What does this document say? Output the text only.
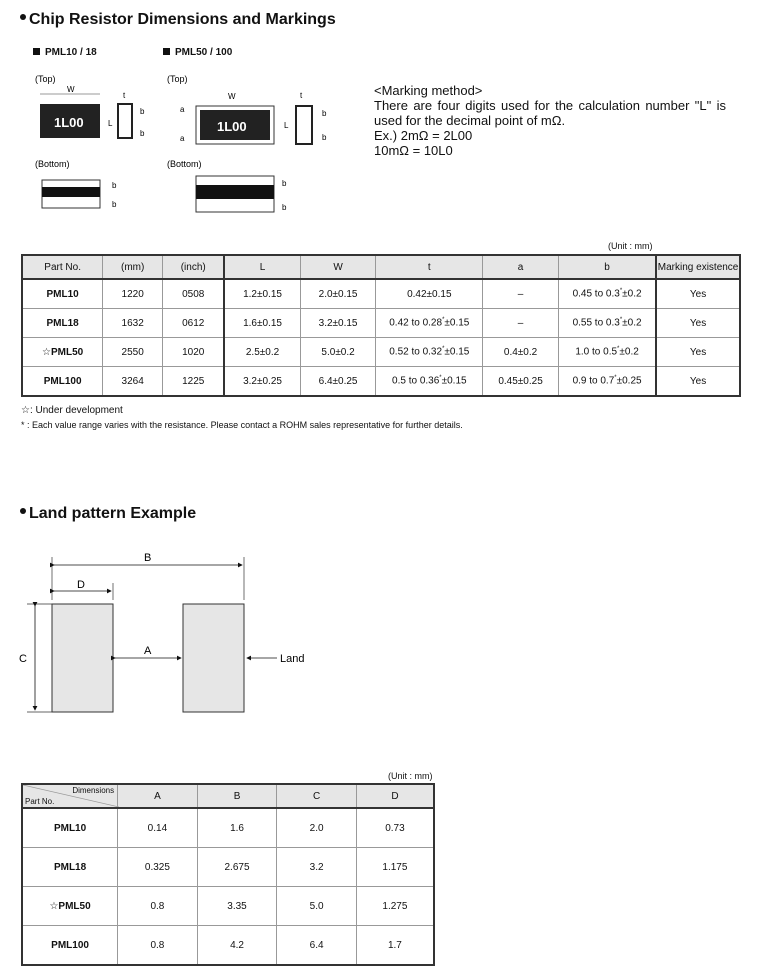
Chip Resistor Dimensions and Markings
PML10 / 18	PML50 / 100
(Top)
W
1L00	L
t
b
b
(Bottom)
b
b
(Top)
W
a
a
1L00	L
t
b
b
(Bottom)
b
b
<Marking method>
There are four digits used for the calculation number "L" is used for the decimal point of mΩ.
Ex.) 2mΩ = 2L00
10mΩ = 10L0
(Unit : mm)
Part No.	(mm)	(inch)	L	W	t	a	b	Marking existence
PML10	1220	0508	1.2±0.15	2.0±0.15	0.42±0.15	–	0.45 to 0.3*±0.2	Yes
PML18	1632	0612	1.6±0.15	3.2±0.15	0.42 to 0.28*±0.15	–	0.55 to 0.3*±0.2	Yes
☆PML50	2550	1020	2.5±0.2	5.0±0.2	0.52 to 0.32*±0.15	0.4±0.2	1.0 to 0.5*±0.2	Yes
PML100	3264	1225	3.2±0.25	6.4±0.25	0.5 to 0.36*±0.15	0.45±0.25	0.9 to 0.7*±0.25	Yes
☆: Under development
* : Each value range varies with the resistance. Please contact a ROHM sales representative for further details.
Land pattern Example
B
D
C
A
Land
(Unit : mm)
Dimensions
Part No.	A	B	C	D
PML10	0.14	1.6	2.0	0.73
PML18	0.325	2.675	3.2	1.175
☆PML50	0.8	3.35	5.0	1.275
PML100	0.8	4.2	6.4	1.7
